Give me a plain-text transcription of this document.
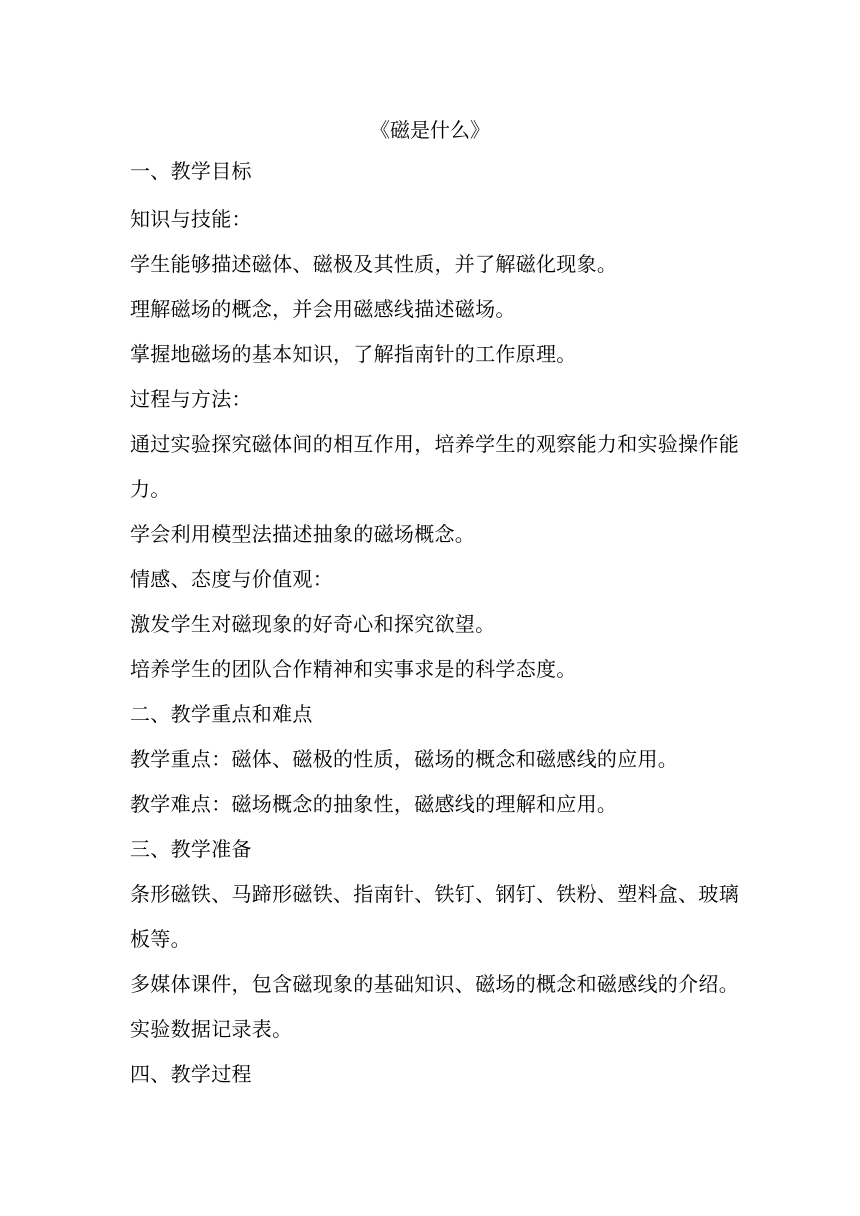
《磁是什么》
一、教学目标
知识与技能：
学生能够描述磁体、磁极及其性质，并了解磁化现象。
理解磁场的概念，并会用磁感线描述磁场。
掌握地磁场的基本知识，了解指南针的工作原理。
过程与方法：
通过实验探究磁体间的相互作用，培养学生的观察能力和实验操作能
力。
学会利用模型法描述抽象的磁场概念。
情感、态度与价值观：
激发学生对磁现象的好奇心和探究欲望。
培养学生的团队合作精神和实事求是的科学态度。
二、教学重点和难点
教学重点：磁体、磁极的性质，磁场的概念和磁感线的应用。
教学难点：磁场概念的抽象性，磁感线的理解和应用。
三、教学准备
条形磁铁、马蹄形磁铁、指南针、铁钉、钢钉、铁粉、塑料盒、玻璃
板等。
多媒体课件，包含磁现象的基础知识、磁场的概念和磁感线的介绍。
实验数据记录表。
四、教学过程
